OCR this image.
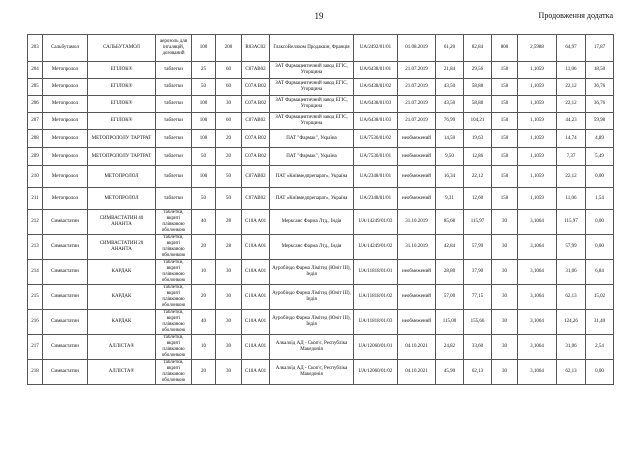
19	Продовження додатка
203	Сальбутамол	САЛЬБУТАМОЛ	аерозоль для інгаляцій, дозований	100	200	R03AC02	ГлаксоВеллком Продакшн, Франція	UA/2492/01/01	01.08.2019	61,20	82,84	800	2,5988	64,97	17,87
204	Метопролол	ЕГІЛОК®	таблетки	25	60	C07AB02	ЗАТ Фармацевтичний завод ЕГІС, Угорщина	UA/6438/01/01	21.07.2019	21,84	29,56	150	1,1059	11,06	18,50
205	Метопролол	ЕГІЛОК®	таблетки	50	60	C07A B02	ЗАТ Фармацевтичний завод ЕГІС, Угорщина	UA/6438/01/02	21.07.2019	43,50	58,88	150	1,1059	22,12	36,76
206	Метопролол	ЕГІЛОК®	таблетки	100	30	C07A B02	ЗАТ Фармацевтичний завод ЕГІС, Угорщина	UA/6438/01/03	21.07.2019	43,50	58,88	150	1,1059	22,12	36,76
207	Метопролол	ЕГІЛОК®	таблетки	100	60	C07AB02	ЗАТ Фармацевтичний завод ЕГІС, Угорщина	UA/6438/01/03	21.07.2019	76,99	104,21	150	1,1059	44,23	59,98
208	Метопролол	МЕТОПРОЛОЛУ ТАРТРАТ	таблетки	100	20	C07A B02	ПАТ "Фармак", Україна	UA/7536/01/02	необмежений	14,50	19,63	150	1,1059	14,74	4,89
209	Метопролол	МЕТОПРОЛОЛУ ТАРТРАТ	таблетки	50	20	C07A B02	ПАТ "Фармак", Україна	UA/7536/01/01	необмежений	9,50	12,86	150	1,1059	7,37	5,49
210	Метопролол	МЕТОПРОЛОЛ	таблетки	100	50	C07AB02	ПАТ «Київмедпрепарат», Україна	UA/2348/01/01	необмежений	16,34	22,12	150	1,1059	22,12	0,00
211	Метопролол	МЕТОПРОЛОЛ	таблетки	50	50	C07AB02	ПАТ «Київмедпрепарат», Україна	UA/2348/01/01	необмежений	9,31	12,60	150	1,1059	11,06	1,54
212	Симвастатин	СИМВАСТАТИН 40 АНАНТА	таблетки, вкриті плівковою оболонкою	40	28	C10A A01	Мерксанс Фарма Лтд., Індія	UA/14249/01/03	31.10.2019	85,68	115,97	30	3,1064	115,97	0,00
213	Симвастатин	СИМВАСТАТИН 20 АНАНТА	таблетки, вкриті плівковою оболонкою	20	28	C10A A01	Мерксанс Фарма Лтд., Індія	UA/14249/01/02	31.10.2019	42,84	57,99	30	3,1064	57,99	0,00
214	Симвастатин	КАРДАК	таблетки, вкриті плівковою оболонкою	10	30	C10A A01	Ауробіндо Фарма Лімітед (Юніт III), Індія	UA/11818/01/01	необмежений	28,80	37,90	30	3,1064	31,06	6,84
215	Симвастатин	КАРДАК	таблетки, вкриті плівковою оболонкою	20	30	C10A A01	Ауробіндо Фарма Лімітед (Юніт III), Індія	UA/11818/01/02	необмежений	57,00	77,15	30	3,1064	62,13	15,02
216	Симвастатин	КАРДАК	таблетки, вкриті плівковою оболонкою	40	30	C10A A01	Ауробіндо Фарма Лімітед (Юніт III), Індія	UA/11818/01/03	необмежений	115,00	155,66	30	3,1064	124,26	31,40
217	Симвастатин	АЛЛІСТА®	таблетки, вкриті плівковою оболонкою	10	30	C10A A01	Алкалоїд АД - Скоп'є, Республіка Македонія	UA/12060/01/01	04.10.2021	24,82	33,60	30	3,1064	31,06	2,54
218	Симвастатин	АЛЛІСТА®	таблетки, вкриті плівковою оболонкою	20	30	C10A A01	Алкалоїд АД - Скоп'є, Республіка Македонія	UA/12060/01/02	04.10.2021	45,90	62,13	30	3,1064	62,13	0,00
